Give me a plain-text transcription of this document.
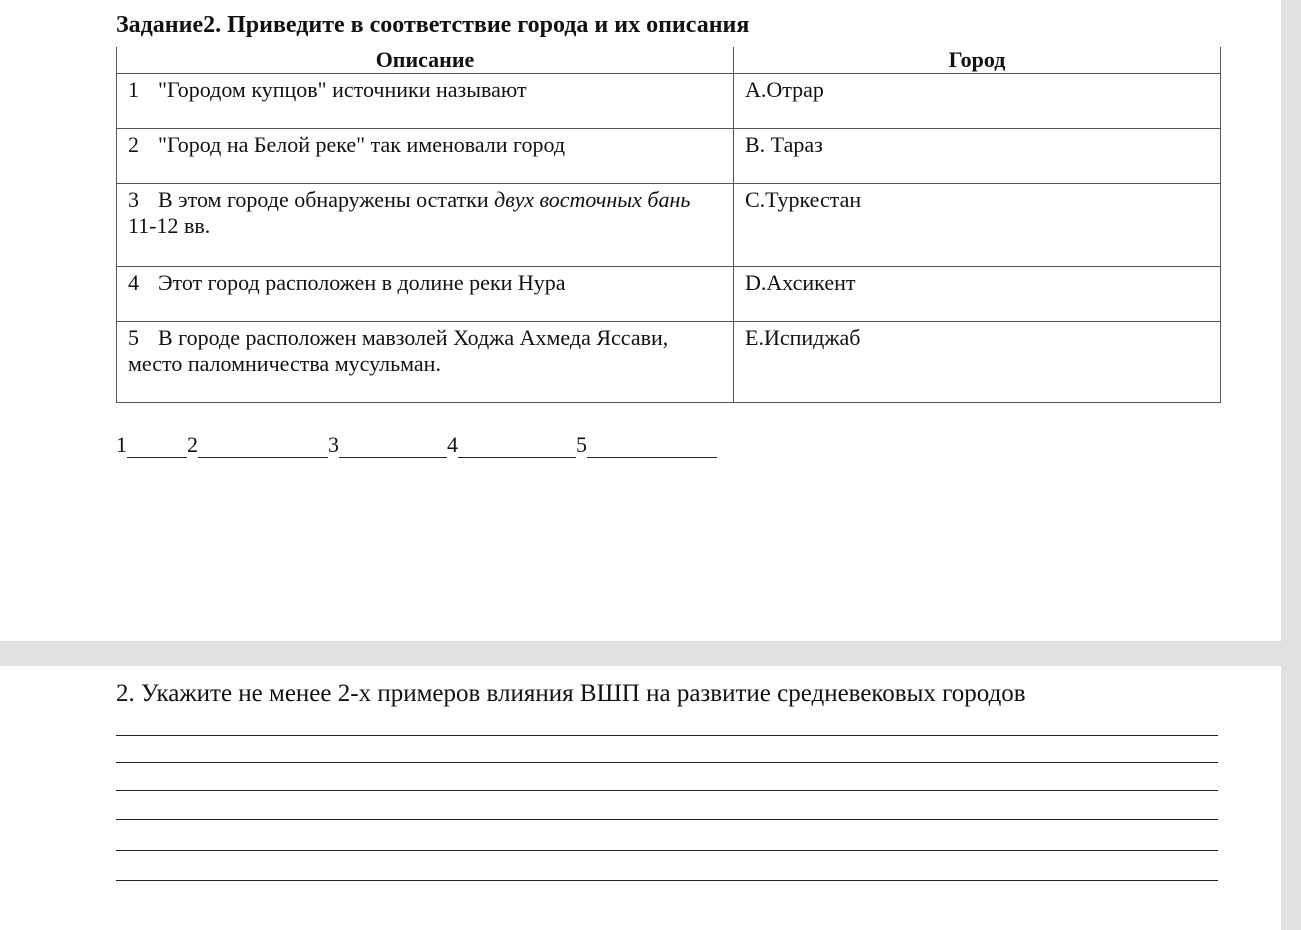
Задание2. Приведите в соответствие города и их описания
Описание	Город
1 "Городом купцов" источники называют	А.Отрар
2 "Город на Белой реке" так именовали город	В. Тараз
3 В этом городе обнаружены остатки двух восточных бань 11-12 вв.	С.Туркестан
4 Этот город расположен в долине реки Нура	D.Ахсикент
5 В городе расположен мавзолей Ходжа Ахмеда Яссави, место паломничества мусульман.	Е.Испиджаб
1	2	3	4	5
2. Укажите не менее 2-х примеров влияния ВШП на развитие средневековых городов
